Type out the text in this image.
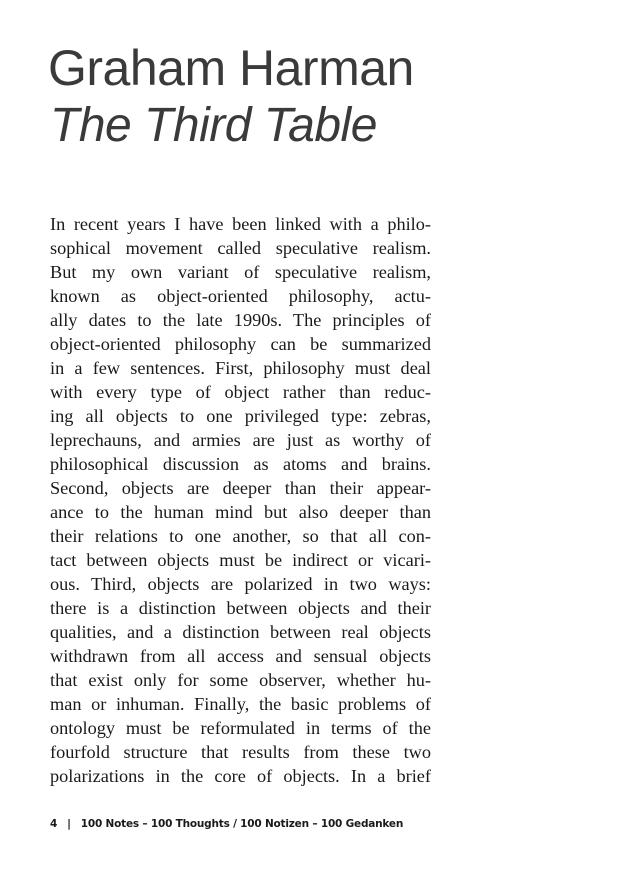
Graham Harman
The Third Table
In recent years I have been linked with a philo-
sophical movement called speculative realism.
But my own variant of speculative realism,
known as object-oriented philosophy, actu-
ally dates to the late 1990s. The principles of
object-oriented philosophy can be summarized
in a few sentences. First, philosophy must deal
with every type of object rather than reduc-
ing all objects to one privileged type: zebras,
leprechauns, and armies are just as worthy of
philosophical discussion as atoms and brains.
Second, objects are deeper than their appear-
ance to the human mind but also deeper than
their relations to one another, so that all con-
tact between objects must be indirect or vicari-
ous. Third, objects are polarized in two ways:
there is a distinction between objects and their
qualities, and a distinction between real objects
withdrawn from all access and sensual objects
that exist only for some observer, whether hu-
man or inhuman. Finally, the basic problems of
ontology must be reformulated in terms of the
fourfold structure that results from these two
polarizations in the core of objects. In a brief
4 | 100 Notes – 100 Thoughts / 100 Notizen – 100 Gedanken
